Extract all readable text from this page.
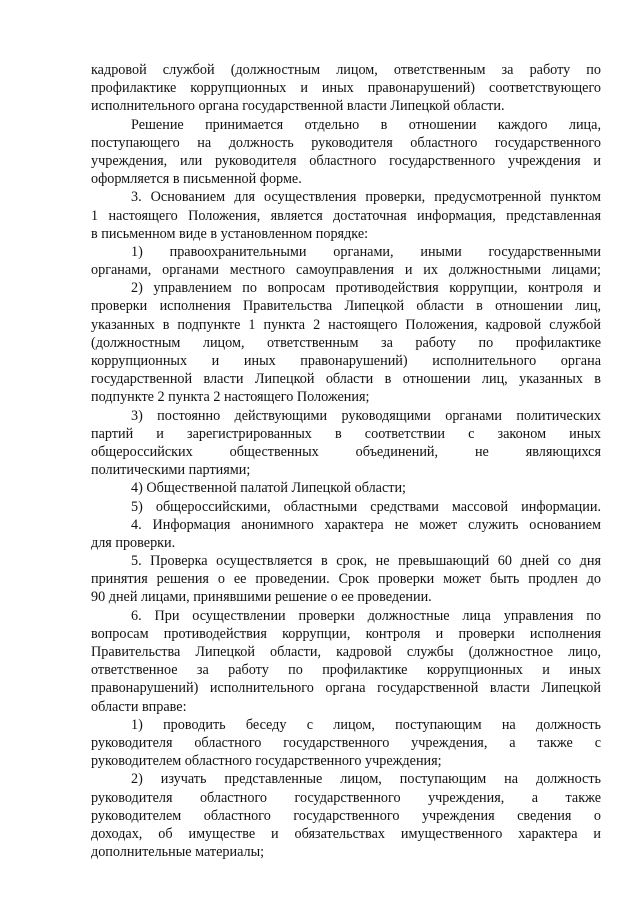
кадровой службой (должностным лицом, ответственным за работу по
профилактике коррупционных и иных правонарушений) соответствующего
исполнительного органа государственной власти Липецкой области.
Решение принимается отдельно в отношении каждого лица,
поступающего на должность руководителя областного государственного
учреждения, или руководителя областного государственного учреждения и
оформляется в письменной форме.
3. Основанием для осуществления проверки, предусмотренной пунктом
1 настоящего Положения, является достаточная информация, представленная
в письменном виде в установленном порядке:
1) правоохранительными органами, иными государственными
органами, органами местного самоуправления и их должностными лицами;
2) управлением по вопросам противодействия коррупции, контроля и
проверки исполнения Правительства Липецкой области в отношении лиц,
указанных в подпункте 1 пункта 2 настоящего Положения, кадровой службой
(должностным лицом, ответственным за работу по профилактике
коррупционных и иных правонарушений) исполнительного органа
государственной власти Липецкой области в отношении лиц, указанных в
подпункте 2 пункта 2 настоящего Положения;
3) постоянно действующими руководящими органами политических
партий и зарегистрированных в соответствии с законом иных
общероссийских общественных объединений, не являющихся
политическими партиями;
4) Общественной палатой Липецкой области;
5) общероссийскими, областными средствами массовой информации.
4. Информация анонимного характера не может служить основанием
для проверки.
5. Проверка осуществляется в срок, не превышающий 60 дней со дня
принятия решения о ее проведении. Срок проверки может быть продлен до
90 дней лицами, принявшими решение о ее проведении.
6. При осуществлении проверки должностные лица управления по
вопросам противодействия коррупции, контроля и проверки исполнения
Правительства Липецкой области, кадровой службы (должностное лицо,
ответственное за работу по профилактике коррупционных и иных
правонарушений) исполнительного органа государственной власти Липецкой
области вправе:
1) проводить беседу с лицом, поступающим на должность
руководителя областного государственного учреждения, а также с
руководителем областного государственного учреждения;
2) изучать представленные лицом, поступающим на должность
руководителя областного государственного учреждения, а также
руководителем областного государственного учреждения сведения о
доходах, об имуществе и обязательствах имущественного характера и
дополнительные материалы;
